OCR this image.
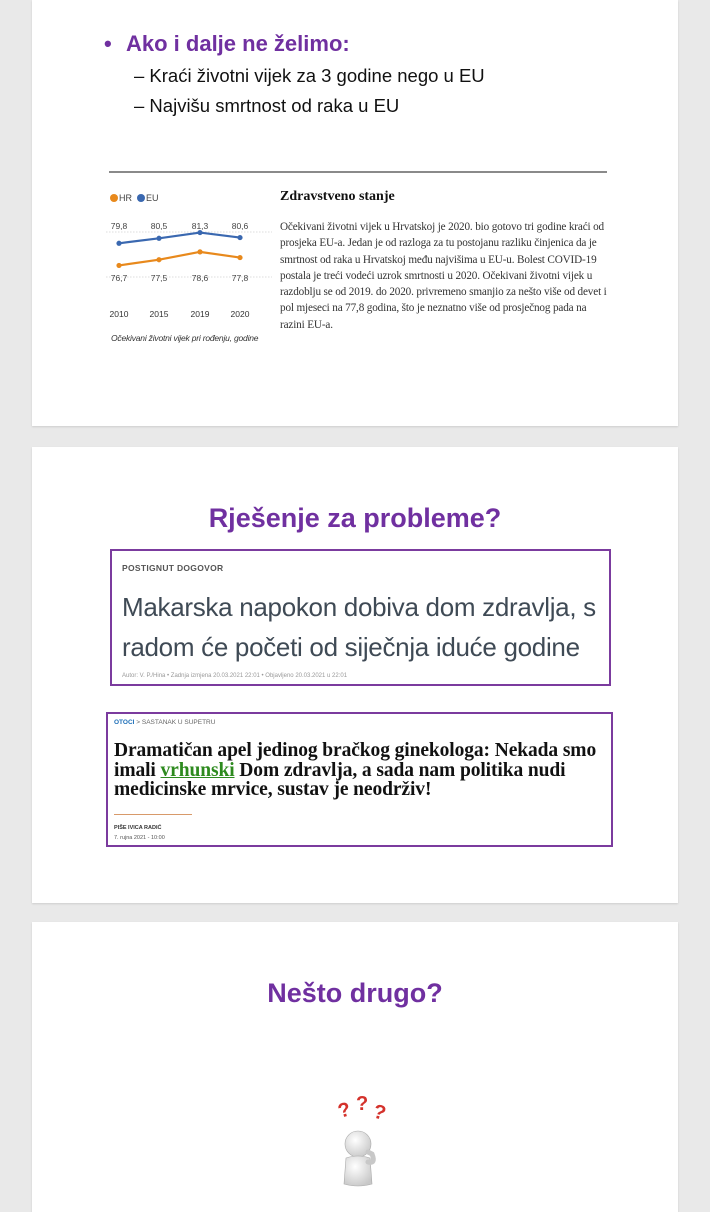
• Ako i dalje ne želimo:
– Kraći životni vijek za 3 godine nego u EU
– Najvišu smrtnost od raka u EU
HR EU
76,7	77,5	78,6	77,8
79,8	80,5	81,3	80,6
2010 2015	2019 2020
Očekivani životni vijek pri rođenju, godine
Zdravstveno stanje
Očekivani životni vijek u Hrvatskoj je 2020. bio gotovo tri godine kraći od prosjeka EU-a. Jedan je od razloga za tu postojanu razliku činjenica da je smrtnost od raka u Hrvatskoj među najvišima u EU-u. Bolest COVID-19 postala je treći vodeći uzrok smrtnosti u 2020. Očekivani životni vijek u razdoblju se od 2019. do 2020. privremeno smanjio za nešto više od devet i pol mjeseci na 77,8 godina, što je neznatno više od prosječnog pada na razini EU-a.
Rješenje za probleme?
POSTIGNUT DOGOVOR
Makarska napokon dobiva dom zdravlja, s radom će početi od siječnja iduće godine
Autor: V. P./Hina • Zadnja izmjena 20.03.2021 22:01 • Objavljeno 20.03.2021 u 22:01
OTOCI > SASTANAK U SUPETRU
Dramatičan apel jedinog bračkog ginekologa: Nekada smo imali vrhunski Dom zdravlja, a sada nam politika nudi medicinske mrvice, sustav je neodrživ!
PIŠE IVICA RADIĆ
7. rujna 2021 - 10:00
Nešto drugo?
? ? ?
